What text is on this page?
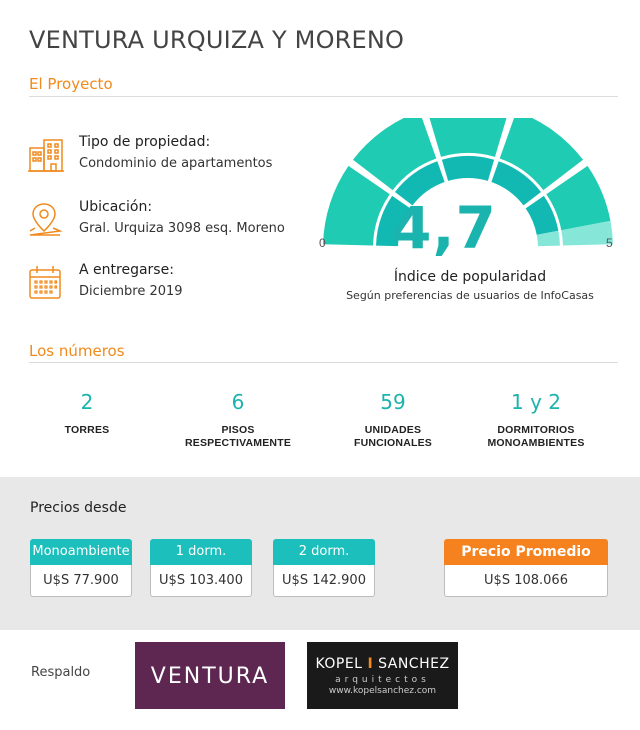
VENTURA URQUIZA Y MORENO
El Proyecto
Tipo de propiedad:
Condominio de apartamentos
Ubicación:
Gral. Urquiza 3098 esq. Moreno
A entregarse:
Diciembre 2019
4,7
0	5
Índice de popularidad
Según preferencias de usuarios de InfoCasas
Los números
2
TORRES
6
PISOS
RESPECTIVAMENTE
59
UNIDADES
FUNCIONALES
1 y 2
DORMITORIOS
MONOAMBIENTES
Precios desde
Monoambiente
U$S 77.900
1 dorm.
U$S 103.400
2 dorm.
U$S 142.900
Precio Promedio
U$S 108.066
Respaldo	VENTURA	KOPEL I SANCHEZ
arquitectos
www.kopelsanchez.com
